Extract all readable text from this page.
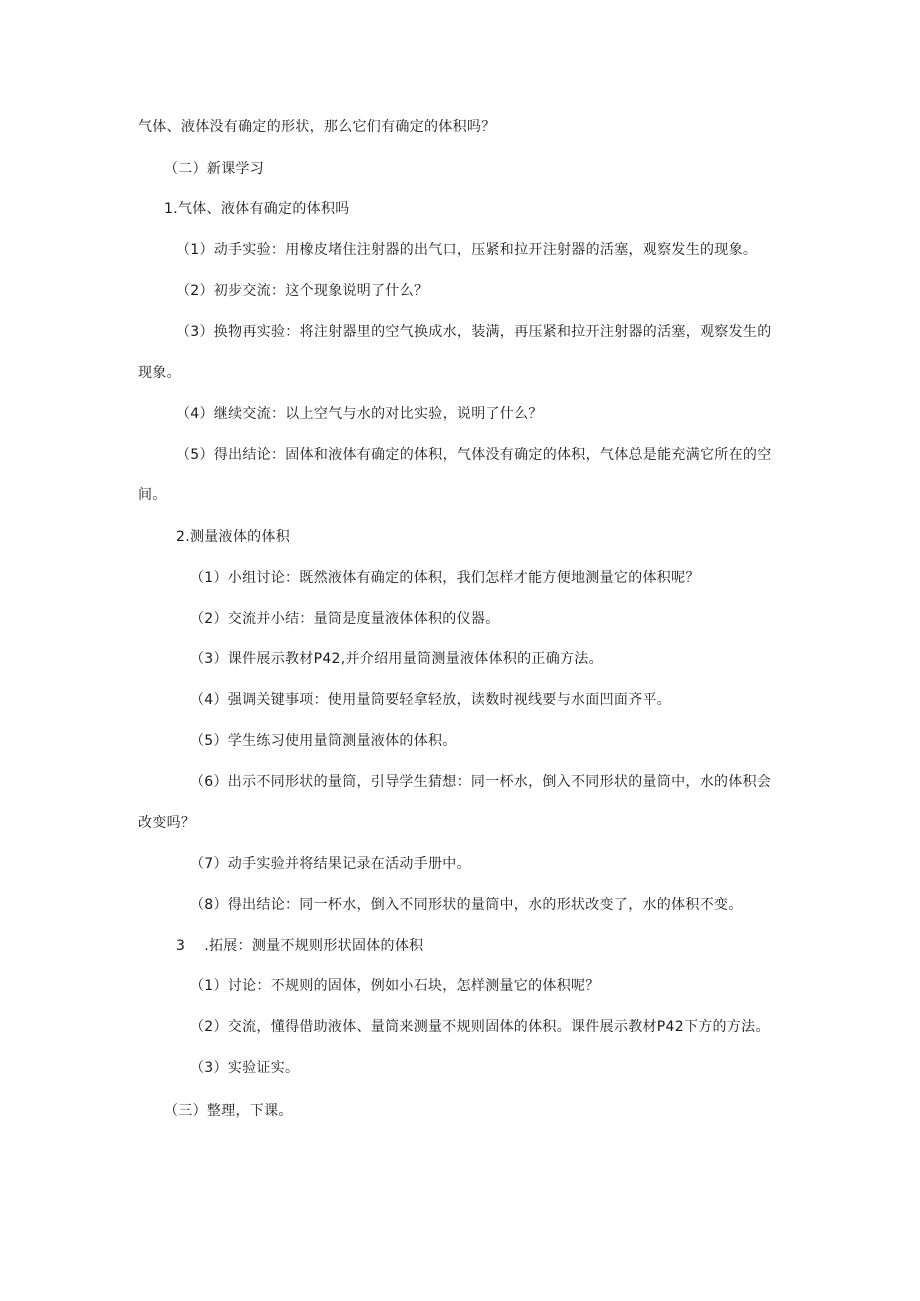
气体、液体没有确定的形状，那么它们有确定的体积吗？
（二）新课学习
1.气体、液体有确定的体积吗
（1）动手实验：用橡皮堵住注射器的出气口，压紧和拉开注射器的活塞，观察发生的现象。
（2）初步交流：这个现象说明了什么？
（3）换物再实验：将注射器里的空气换成水，装满，再压紧和拉开注射器的活塞，观察发生的
现象。
（4）继续交流：以上空气与水的对比实验，说明了什么？
（5）得出结论：固体和液体有确定的体积，气体没有确定的体积，气体总是能充满它所在的空
间。
2.测量液体的体积
（1）小组讨论：既然液体有确定的体积，我们怎样才能方便地测量它的体积呢？
（2）交流并小结：量筒是度量液体体积的仪器。
（3）课件展示教材P42,并介绍用量筒测量液体体积的正确方法。
（4）强调关键事项：使用量筒要轻拿轻放，读数时视线要与水面凹面齐平。
（5）学生练习使用量筒测量液体的体积。
（6）出示不同形状的量筒，引导学生猜想：同一杯水，倒入不同形状的量筒中，水的体积会
改变吗？
（7）动手实验并将结果记录在活动手册中。
（8）得出结论：同一杯水，倒入不同形状的量筒中，水的形状改变了，水的体积不变。
3    .拓展：测量不规则形状固体的体积
（1）讨论：不规则的固体，例如小石块，怎样测量它的体积呢？
（2）交流，懂得借助液体、量筒来测量不规则固体的体积。课件展示教材P42下方的方法。
（3）实验证实。
（三）整理，下课。
